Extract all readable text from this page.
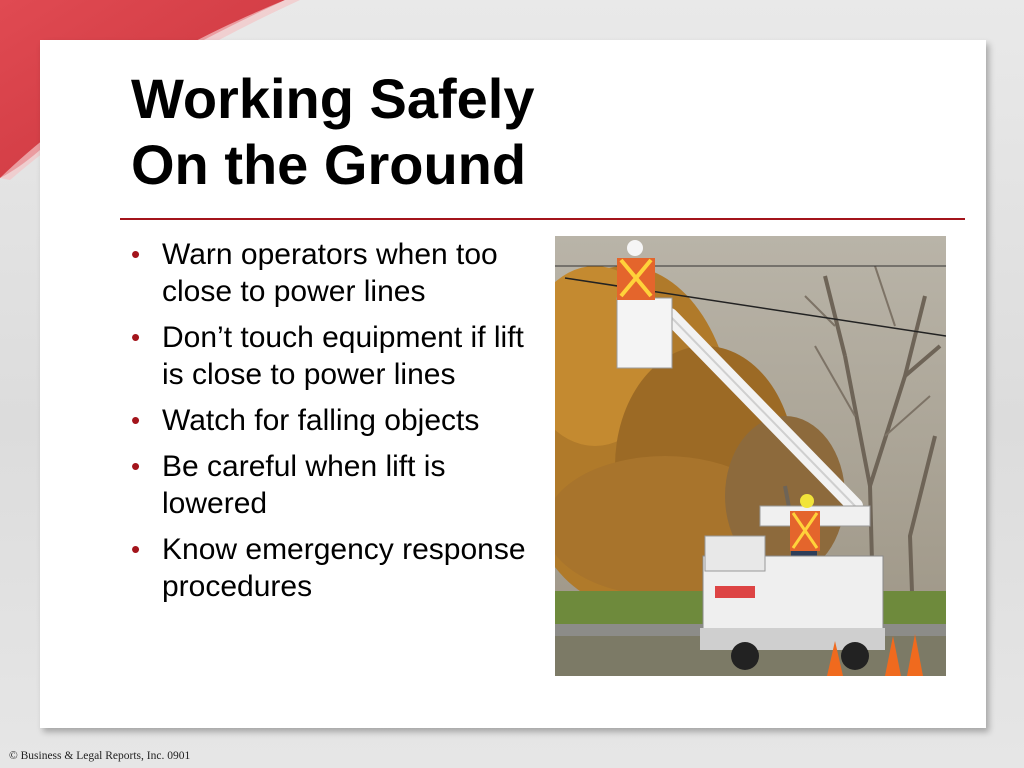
Working Safely
On the Ground
• Warn operators when too close to power lines
• Don’t touch equipment if lift is close to power lines
• Watch for falling objects
• Be careful when lift is lowered
• Know emergency response procedures
© Business & Legal Reports, Inc. 0901
